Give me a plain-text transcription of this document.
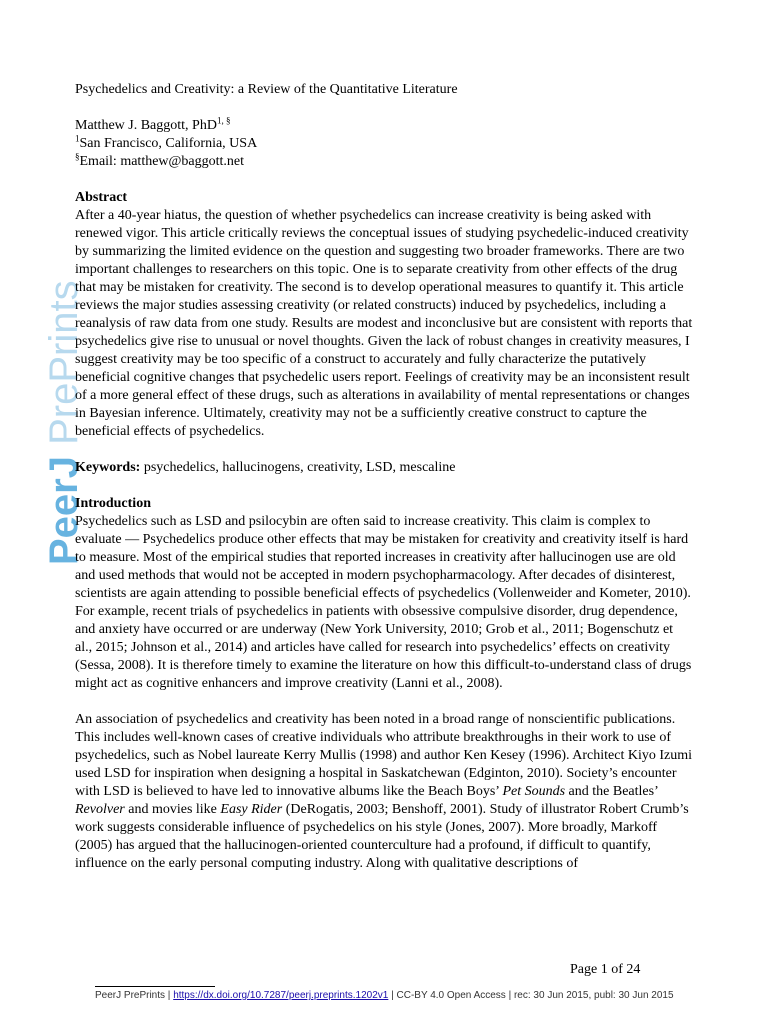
PeerJ PrePrints

Psychedelics and Creativity: a Review of the Quantitative Literature

Matthew J. Baggott, PhD$^{1, \S}$

$^1$San Francisco, California, USA

§Email: matthew@baggott.net

Abstract

After a 40-year hiatus, the question of whether psychedelics can increase creativity is being asked with renewed vigor. This article critically reviews the conceptual issues of studying psychedelic-induced creativity by summarizing the limited evidence on the question and suggesting two broader frameworks. There are two important challenges to researchers on this topic. One is to separate creativity from other effects of the drug that may be mistaken for creativity. The second is to develop operational measures to quantify it. This article reviews the major studies assessing creativity (or related constructs) induced by psychedelics, including a reanalysis of raw data from one study. Results are modest and inconclusive but are consistent with reports that psychedelics give rise to unusual or novel thoughts. Given the lack of robust changes in creativity measures, I suggest creativity may be too specific of a construct to accurately and fully characterize the putatively beneficial cognitive changes that psychedelic users report. Feelings of creativity may be an inconsistent result of a more general effect of these drugs, such as alterations in availability of mental representations or changes in Bayesian inference. Ultimately, creativity may not be a sufficiently creative construct to capture the beneficial effects of psychedelics.

Keywords: psychedelics, hallucinogens, creativity, LSD, mescaline

Introduction

Psychedelics such as LSD and psilocybin are often said to increase creativity. This claim is complex to evaluate — Psychedelics produce other effects that may be mistaken for creativity and creativity itself is hard to measure. Most of the empirical studies that reported increases in creativity after hallucinogen use are old and used methods that would not be accepted in modern psychopharmacology. After decades of disinterest, scientists are again attending to possible beneficial effects of psychedelics (Vollenweider and Kometer, 2010). For example, recent trials of psychedelics in patients with obsessive compulsive disorder, drug dependence, and anxiety have occurred or are underway (New York University, 2010; Grob et al., 2011; Bogenschutz et al., 2015; Johnson et al., 2014) and articles have called for research into psychedelics’ effects on creativity (Sessa, 2008). It is therefore timely to examine the literature on how this difficult-to-understand class of drugs might act as cognitive enhancers and improve creativity (Lanni et al., 2008).

An association of psychedelics and creativity has been noted in a broad range of nonscientific publications. This includes well-known cases of creative individuals who attribute breakthroughs in their work to use of psychedelics, such as Nobel laureate Kerry Mullis (1998) and author Ken Kesey (1996). Architect Kiyo Izumi used LSD for inspiration when designing a hospital in Saskatchewan (Edginton, 2010). Society’s encounter with LSD is believed to have led to innovative albums like the Beach Boys’ Pet Sounds and the Beatles’ Revolver and movies like Easy Rider (DeRogatis, 2003; Benshoff, 2001). Study of illustrator Robert Crumb’s work suggests considerable influence of psychedelics on his style (Jones, 2007). More broadly, Markoff (2005) has argued that the hallucinogen-oriented counterculture had a profound, if difficult to quantify, influence on the early personal computing industry. Along with qualitative descriptions of

Page 1 of 24
PeerJ PrePrints | https://dx.doi.org/10.7287/peerj.preprints.1202v1 | CC-BY 4.0 Open Access | rec: 30 Jun 2015, publ: 30 Jun 2015
